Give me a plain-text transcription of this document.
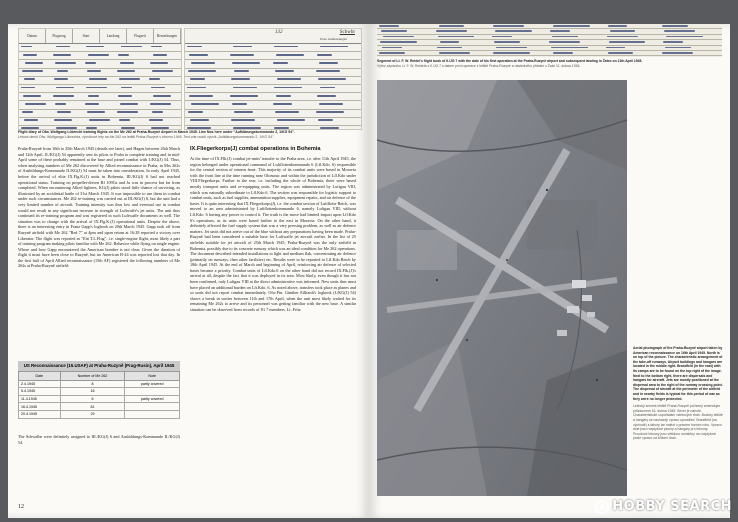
Datum	Flugzeug	Start	Landung	Flugzeit	Bemerkungen
132	Schwbr
Erste Anmerkungen
Flight diary of Ofw. Wolfgang Lübrecht training flights on the Me 262 at Praha-Ruzyně Airport in March 1945. Line Nos here under "Aufklärungskommando 2, 1/KG 54".
Letová deník Ofw. Wolfganga Lübrechta, výcvikové lety na Me 262 na letišti Praha-Ruzyně v březnu 1945. Text zde uvádí výcvik „Aufklärungskommando 2, 1/KG 54".

Praha-Ruzyně from 16th to 25th March 1945 (details see later), and Hagen between 26th March and 12th April. II./KG(J) 54 apparently sent its pilots to Praha to complete training and in mid-April some of these probably remained at the base and joined combat with I./KG(J) 54. Thus, when analysing numbers of Me 262 discovered by Allied reconnaissance in Praha, in Mrs 262s of Ausbildungs-Kommando II./KG(J) 54 must be taken into consideration. In early April 1945, before the arrival of elite IX.Flg.K.(J) units in Bohemia, III./KG(J) 6 had not reached operational status. Training on propeller-driven Bf 109Gs and Ju was in process but far from completed. When encountering Allied fighters, KG(J) pilots stood little chance of surviving, as illustrated by an accidental battle of 31st March 1945. It was impossible to use them in combat under such circumstances. Me 262 re-training was carried out at III./KG(J) 6, but the unit had a very limited number of aircraft. Training intensity was thus low and eventual use in combat would not result in any significant increase in strength of Luftwaffe's jet units. The unit thus continued its re-training program and was registered in such Luftwaffe documents as well. The situation was to change with the arrival of IX.Flg.K.(J) operational units. Despite the above, there is an interesting entry in Franz Gapp's logbook on 20th March 1945. Gapp took off from Ruzyně airfield with Me 262 "Red 7" at 4pm and upon return at 16:28 reported a victory over Liberator. The flight was reported as "Ein T.L.Flug", i.e. single-engine flight, most likely a part of training program making pilots familiar with Me 262. Behavior while flying on single engine. Where and how Gapp encountered the American bomber is not clear. Given the duration of flight it must have been close to Ruzyně, but no American B-24 was reported lost that day. In the first half of April Allied reconnaissance (15th AF) registered the following numbers of Me 262s at Praha-Ruzyně airfield:

US Reconnaissance (15.USAF) at Praha-Ruzyně (Prag-Rusin), April 1945
Date	Number of Me 262	Note
2.4.1945	8	partly covered
5.4.1945	16	
11.4.1945	6	partly covered
16.4.1945	81	
20.4.1945	29	
The Schwalbe were definitely assigned to III./KG(J) 6 and Ausbildungs-Kommando II./KG(J) 54.
IX.Fliegerkorps(J) combat operations in Bohemia

At the time of IX.Flk.(J) combat jet-units' transfer to the Praha area, i.e. after 11th April 1945, the region belonged under operational command of Luftflottenkommando 6 (Lfl.Kdo. 6) responsible for the central section of eastern front. This majority of its combat units were based in Moravia with the front line at the time running near Olomouc and within the jurisdiction of Lfl.Kdo under VIII.Fliegerkorps. Further to the rear, i.e. including the whole of Bohemia, there were based mostly transport units and re-equipping units. The region was administrated by Luftgau VIII, which was naturally subordinate to Lfl.Kdo.6. The section was responsible for logistic support to combat units, such as fuel supplies, ammunition supplies, equipment repairs, and air defence of the bases. It is quite interesting that IX.Fliegerkorps(J), i.e. the combat section of Luftflotte Reich, was moved to an area administrated by Luftflottenkommando 6, namely Luftgau VIII, without Lfl.Kdo. 6 having any power to control it. The truth is the move had limited impact upon Lfl.Kdo 6's operations, as its units were based further to the east in Moravia. On the other hand, it definitely affected the fuel supply system that was a very pressing problem, as well as air defence matters. Jet units did not arrive out of the blue without any preparations having been made. Praha-Ruzyně had been considered a suitable base for Luftwaffe jet aircraft earlier. In the list of 25 airfields suitable for jet aircraft of 25th March 1945, Praha-Ruzyně was the only airfield in Bohemia, possibly due to its concrete runway which was an ideal condition for Me 262 operations. The document described intended installations to light and medium flak, concentrating air defence (primarily on runways, then other facilities) etc. Results were to be reported to Lfl.Kdo.Reich by 18th April 1945. At the end of March and beginning of April, reinforcing air defence of selected bases became a priority. Combat units of Lfl.Kdo.6 on the other hand did not record IX.Flk.(J)'s arrival at all, despite the fact that it was deployed in its area. Most likely, even though it has not been confirmed, only Luftgau VIII at the direct administrative was informed. New units thus must have placed an additional burden on Lft.Kdo. 6. As noted above, transfers took place as planes and so units did not report combat immediately. Ofw.Ptn. Günther Eilhardt's logbook (I./KG(J) 54) shows a break in sorties between 11th and 17th April, when the unit most likely waited for its remaining Me 262s to arrive and its personnel was getting familiar with the new base. A similar situation can be observed from records of JG 7 members. Lt. Fritz

12
Segment of Lt. F. W. Reidel's flight book of II./JG 7 with the date of his first operation at the Praha-Ruzyně airport and subsequent landing in Žatec on 11th April 1945.
Výřez zápisníku Lt. F. W. Reidela z II./JG 7 s datem první operace z letiště Praha-Ruzyně a následného přistání v Žatci 11. dubna 1945.
Aerial photograph of the Praha-Ruzyně airport taken by American reconnaissance on 16th April 1945. North is on top of the picture. The characteristic arrangement of the take-off runways. Airport buildings and hangars are located in the middle right. Brandfeld (in the east) with its camps are to be found on the top right of the image. Next to the bottom right, there are dispersals and hangars for aircraft. Jets are mostly positioned at the dispersal area to the right of the runway crossing point. The dispersal of aircraft at the perimeter of the airfield and in nearby fields is typical for this period of war as they were no longer protected.
Letecký snímek letiště Praha-Ruzyně pořízený americkým průzkumem 16. dubna 1945. Sever je nahoře. Charakteristické uspořádání vzletových drah. Budovy letiště a hangáry se nacházejí vpravo uprostřed. Brandfeld (na východě) s tábory lze nalézt v pravém horním rohu. Vpravo dole jsou rozptylové plochy a hangáry pro letouny. Proudové letouny jsou většinou umístěny na rozptylové ploše vpravo od křížení drah.
HOBBY SEARCH
